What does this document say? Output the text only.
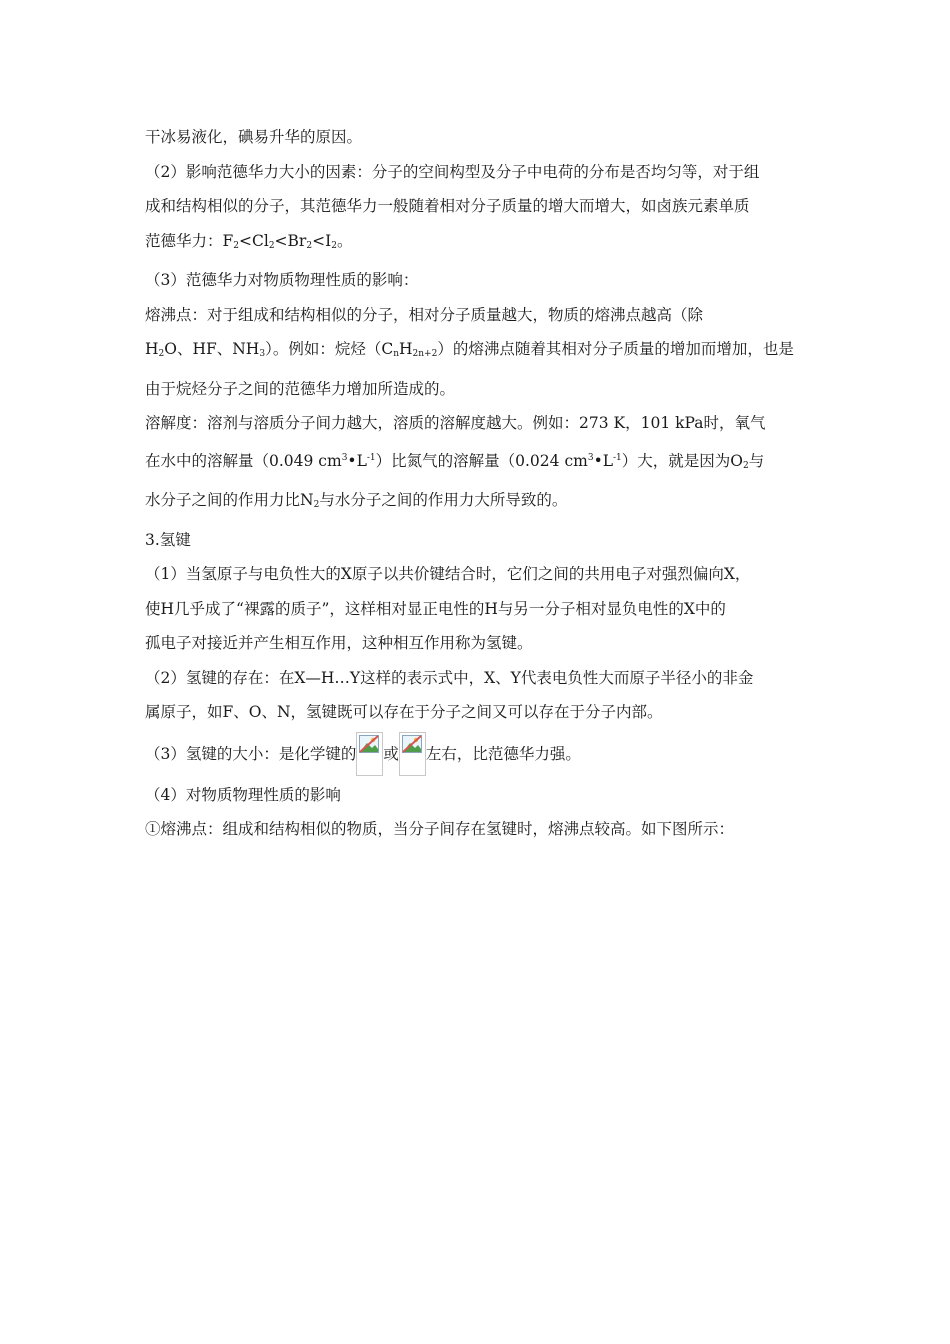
干冰易液化，碘易升华的原因。
（2）影响范德华力大小的因素：分子的空间构型及分子中电荷的分布是否均匀等，对于组
成和结构相似的分子，其范德华力一般随着相对分子质量的增大而增大，如卤族元素单质
范德华力：$F_2<Cl_2<Br_2<I_2$。
（3）范德华力对物质物理性质的影响：
熔沸点：对于组成和结构相似的分子，相对分子质量越大，物质的熔沸点越高（除
$H_2O$、HF、$NH_3$）。例如：烷烃$(C_nH_{2n+2})$的熔沸点随着其相对分子质量的增加而增加，也是
由于烷烃分子之间的范德华力增加所造成的。
溶解度：溶剂与溶质分子间力越大，溶质的溶解度越大。例如：273 K，101 kPa时，氧气
在水中的溶解量（0.049 $cm^3•L^{-1}$）比氮气的溶解量（0.024 $cm^3•L^{-1}$）大，就是因为$O_2$与
水分子之间的作用力比$N_2$与水分子之间的作用力大所导致的。
3.氢键
（1）当氢原子与电负性大的X原子以共价键结合时，它们之间的共用电子对强烈偏向X，
使H几乎成了“裸露的质子”，这样相对显正电性的H与另一分子相对显负电性的X中的
孤电子对接近并产生相互作用，这种相互作用称为氢键。
（2）氢键的存在：在X—H…Y这样的表示式中，X、Y代表电负性大而原子半径小的非金
属原子，如F、O、N，氢键既可以存在于分子之间又可以存在于分子内部。
（3）氢键的大小：是化学键的 或 左右，比范德华力强。
（4）对物质物理性质的影响
①熔沸点：组成和结构相似的物质，当分子间存在氢键时，熔沸点较高。如下图所示：
